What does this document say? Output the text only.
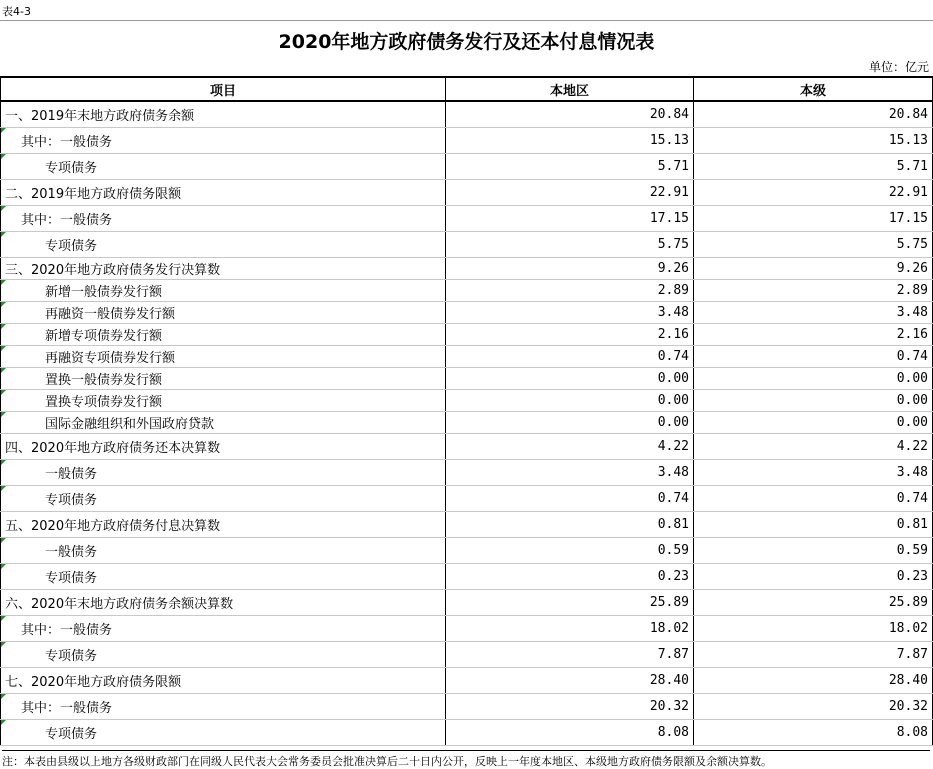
表4-3
2020年地方政府债务发行及还本付息情况表
单位：亿元
项目	本地区	本级
一、2019年末地方政府债务余额	20.84	20.84

其中：一般债务	15.13	15.13

专项债务	5.71	5.71
二、2019年地方政府债务限额	22.91	22.91

其中：一般债务	17.15	17.15

专项债务	5.75	5.75
三、2020年地方政府债务发行决算数	9.26	9.26

新增一般债券发行额	2.89	2.89

再融资一般债券发行额	3.48	3.48

新增专项债券发行额	2.16	2.16

再融资专项债券发行额	0.74	0.74

置换一般债券发行额	0.00	0.00

置换专项债券发行额	0.00	0.00

国际金融组织和外国政府贷款	0.00	0.00
四、2020年地方政府债务还本决算数	4.22	4.22

一般债务	3.48	3.48

专项债务	0.74	0.74
五、2020年地方政府债务付息决算数	0.81	0.81

一般债务	0.59	0.59

专项债务	0.23	0.23
六、2020年末地方政府债务余额决算数	25.89	25.89

其中：一般债务	18.02	18.02

专项债务	7.87	7.87
七、2020年地方政府债务限额	28.40	28.40

其中：一般债务	20.32	20.32

专项债务	8.08	8.08
注：本表由县级以上地方各级财政部门在同级人民代表大会常务委员会批准决算后二十日内公开，反映上一年度本地区、本级地方政府债务限额及余额决算数。
